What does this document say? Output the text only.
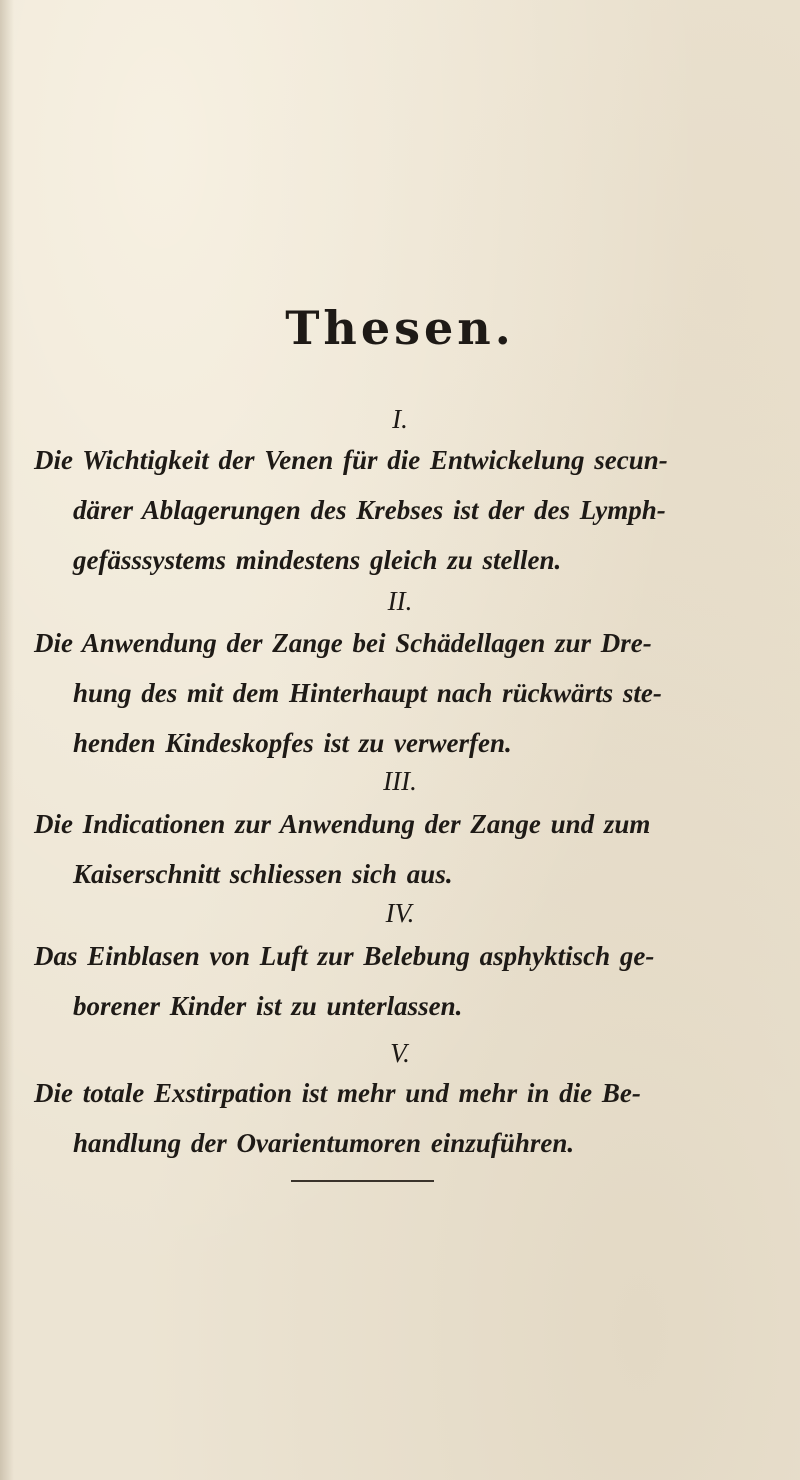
Thesen.
I.
Die Wichtigkeit der Venen für die Entwickelung secun-
därer Ablagerungen des Krebses ist der des Lymph-
gefässsystems mindestens gleich zu stellen.
II.
Die Anwendung der Zange bei Schädellagen zur Dre-
hung des mit dem Hinterhaupt nach rückwärts ste-
henden Kindeskopfes ist zu verwerfen.
III.
Die Indicationen zur Anwendung der Zange und zum
Kaiserschnitt schliessen sich aus.
IV.
Das Einblasen von Luft zur Belebung asphyktisch ge-
borener Kinder ist zu unterlassen.
V.
Die totale Exstirpation ist mehr und mehr in die Be-
handlung der Ovarientumoren einzuführen.
